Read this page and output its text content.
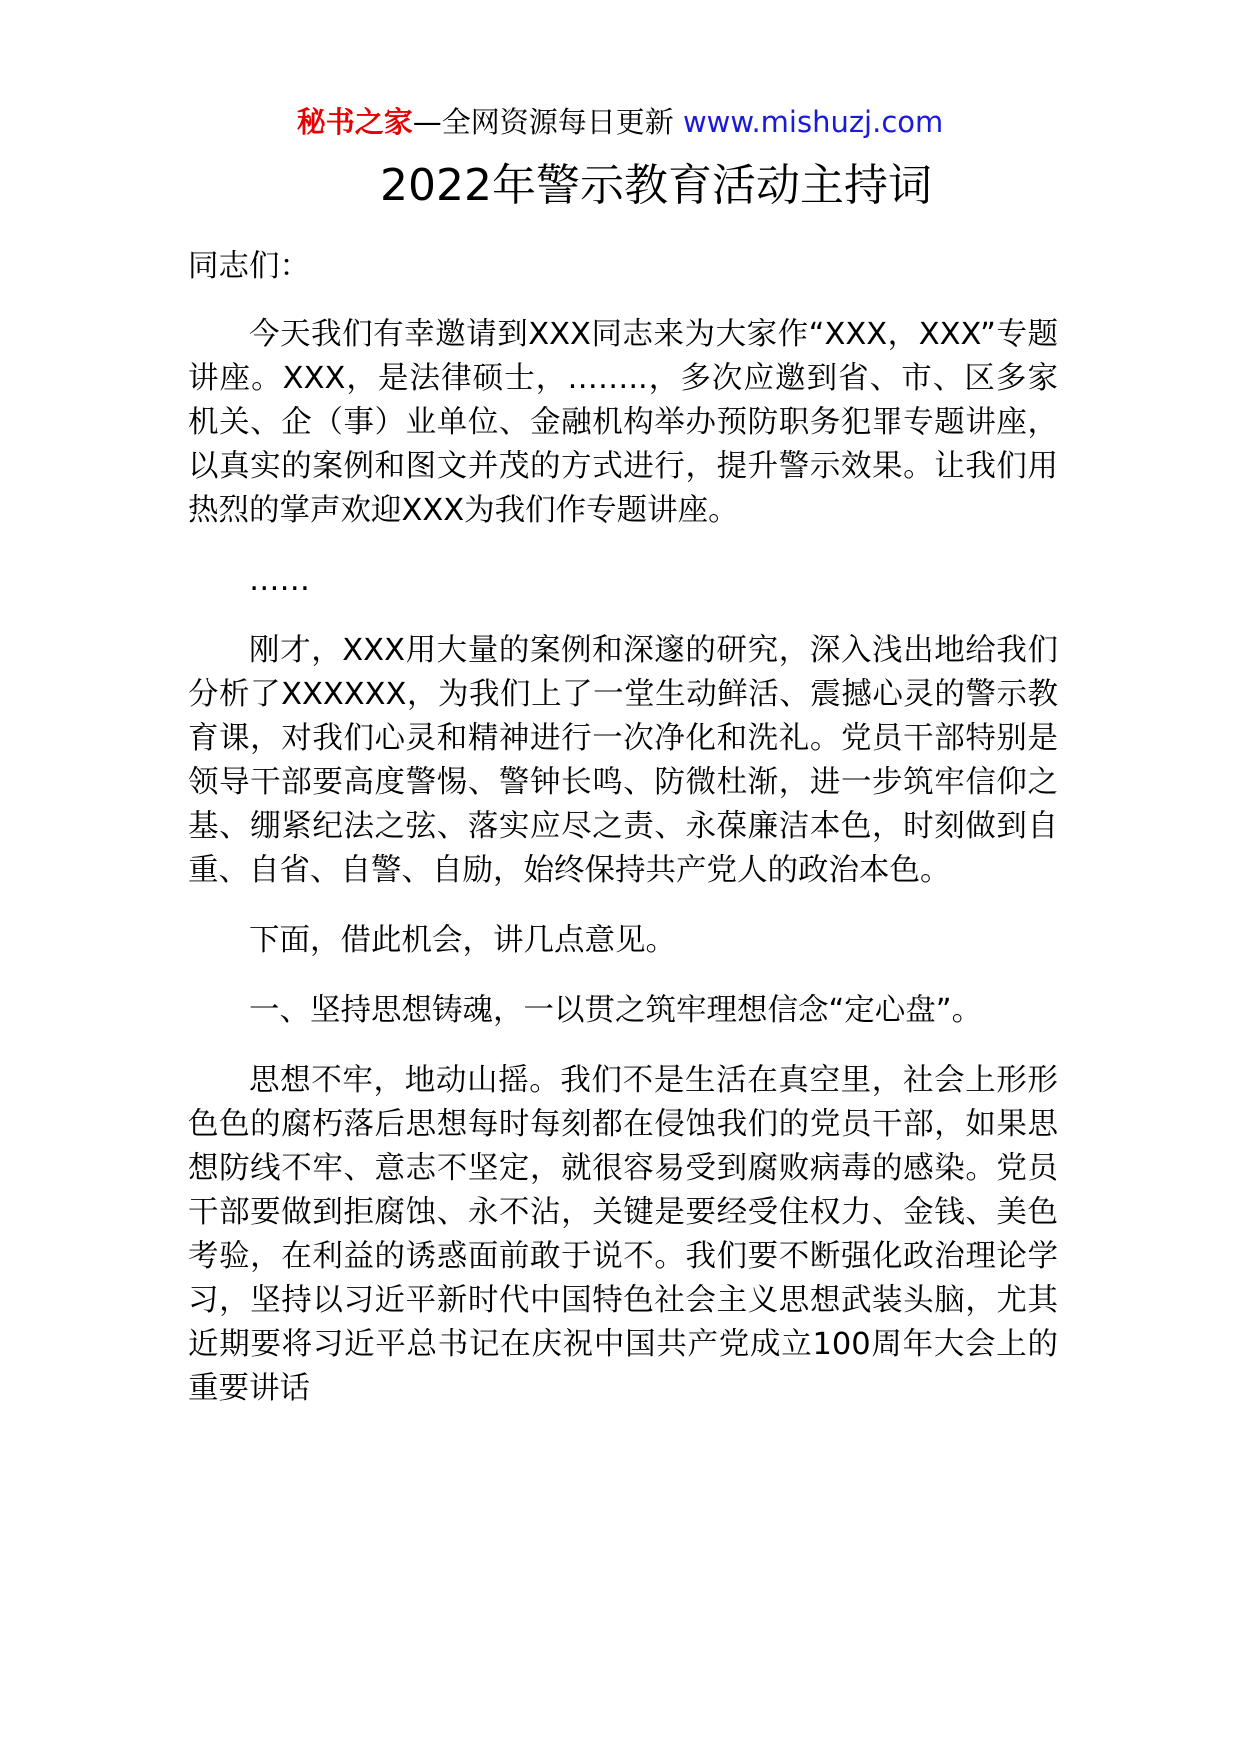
秘书之家—全网资源每日更新 www.mishuzj.com
2022年警示教育活动主持词

同志们：

今天我们有幸邀请到XXX同志来为大家作“XXX，XXX”专题讲座。XXX，是法律硕士，……..，多次应邀到省、市、区多家机关、企（事）业单位、金融机构举办预防职务犯罪专题讲座，以真实的案例和图文并茂的方式进行，提升警示效果。让我们用热烈的掌声欢迎XXX为我们作专题讲座。

……

刚才，XXX用大量的案例和深邃的研究，深入浅出地给我们分析了XXXXXX，为我们上了一堂生动鲜活、震撼心灵的警示教育课，对我们心灵和精神进行一次净化和洗礼。党员干部特别是领导干部要高度警惕、警钟长鸣、防微杜渐，进一步筑牢信仰之基、绷紧纪法之弦、落实应尽之责、永葆廉洁本色，时刻做到自重、自省、自警、自励，始终保持共产党人的政治本色。

下面，借此机会，讲几点意见。

一、坚持思想铸魂，一以贯之筑牢理想信念“定心盘”。

思想不牢，地动山摇。我们不是生活在真空里，社会上形形色色的腐朽落后思想每时每刻都在侵蚀我们的党员干部，如果思想防线不牢、意志不坚定，就很容易受到腐败病毒的感染。党员干部要做到拒腐蚀、永不沾，关键是要经受住权力、金钱、美色考验，在利益的诱惑面前敢于说不。我们要不断强化政治理论学习，坚持以习近平新时代中国特色社会主义思想武装头脑，尤其近期要将习近平总书记在庆祝中国共产党成立100周年大会上的重要讲话
